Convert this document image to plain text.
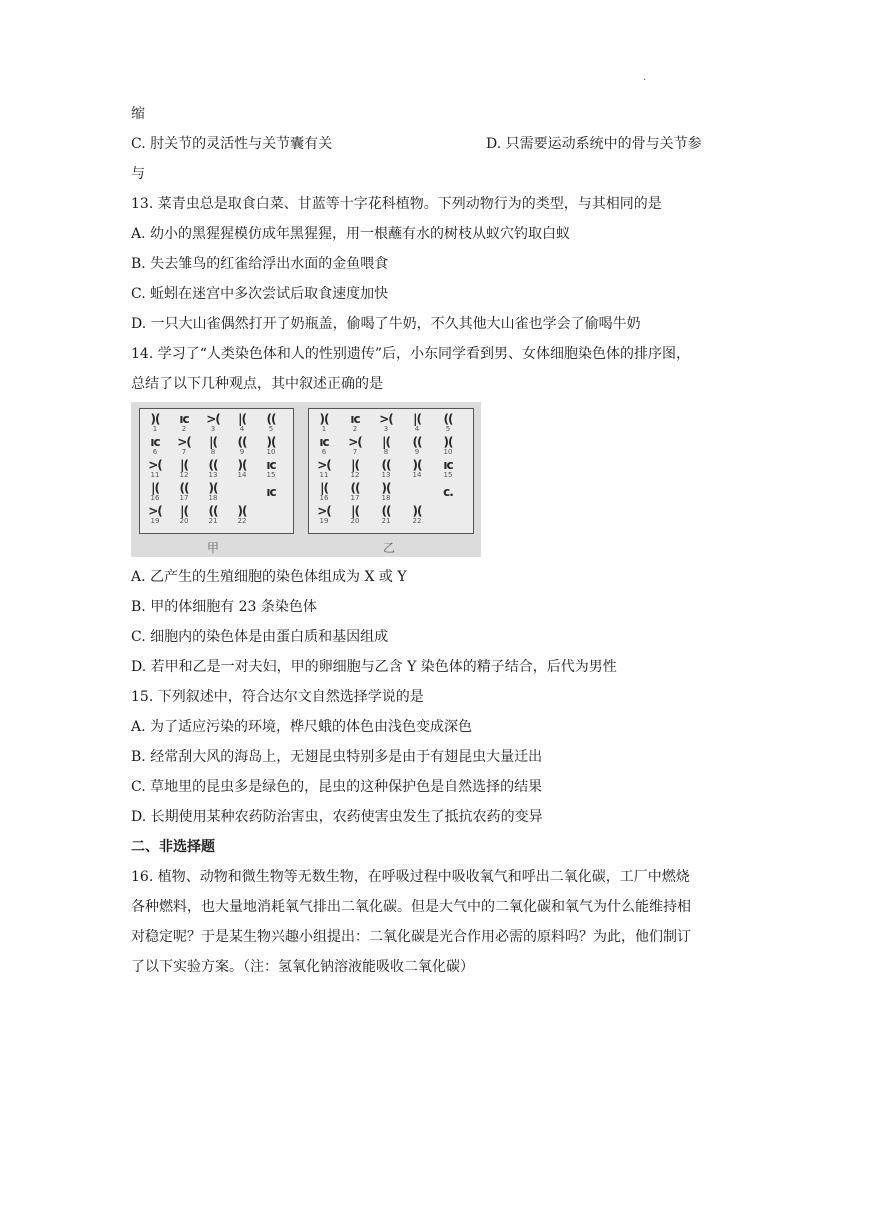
·
缩
C. 肘关节的灵活性与关节囊有关	D. 只需要运动系统中的骨与关节参
与
13. 菜青虫总是取食白菜、甘蓝等十字花科植物。下列动物行为的类型，与其相同的是
A. 幼小的黑猩猩模仿成年黑猩猩，用一根蘸有水的树枝从蚁穴钓取白蚁
B. 失去雏鸟的红雀给浮出水面的金鱼喂食
C. 蚯蚓在迷宫中多次尝试后取食速度加快
D. 一只大山雀偶然打开了奶瓶盖，偷喝了牛奶，不久其他大山雀也学会了偷喝牛奶
14. 学习了“人类染色体和人的性别遗传”后，小东同学看到男、女体细胞染色体的排序图，
总结了以下几种观点，其中叙述正确的是
)(
1
ıc
2
>(
3
|(
4
((
5
ıc
6
>(
7
|(
8
((
9
)(
10
>(
11
|(
12
((
13
)(
14
ıc
15
|(
16
((
17
)(
18
>(
19
|(
20
((
21
)(
22
ıc
)(
1
ıc
2
>(
3
|(
4
((
5
ıc
6
>(
7
|(
8
((
9
)(
10
>(
11
|(
12
((
13
)(
14
ıc
15
|(
16
((
17
)(
18
>(
19
|(
20
((
21
)(
22
c.
甲	乙
A. 乙产生的生殖细胞的染色体组成为 X 或 Y
B. 甲的体细胞有 23 条染色体
C. 细胞内的染色体是由蛋白质和基因组成
D. 若甲和乙是一对夫妇，甲的卵细胞与乙含 Y 染色体的精子结合，后代为男性
15. 下列叙述中，符合达尔文自然选择学说的是
A. 为了适应污染的环境，桦尺蛾的体色由浅色变成深色
B. 经常刮大风的海岛上，无翅昆虫特别多是由于有翅昆虫大量迁出
C. 草地里的昆虫多是绿色的，昆虫的这种保护色是自然选择的结果
D. 长期使用某种农药防治害虫，农药使害虫发生了抵抗农药的变异
二、非选择题
16. 植物、动物和微生物等无数生物，在呼吸过程中吸收氧气和呼出二氧化碳，工厂中燃烧
各种燃料，也大量地消耗氧气排出二氧化碳。但是大气中的二氧化碳和氧气为什么能维持相
对稳定呢？于是某生物兴趣小组提出：二氧化碳是光合作用必需的原料吗？为此，他们制订
了以下实验方案。（注：氢氧化钠溶液能吸收二氧化碳）
